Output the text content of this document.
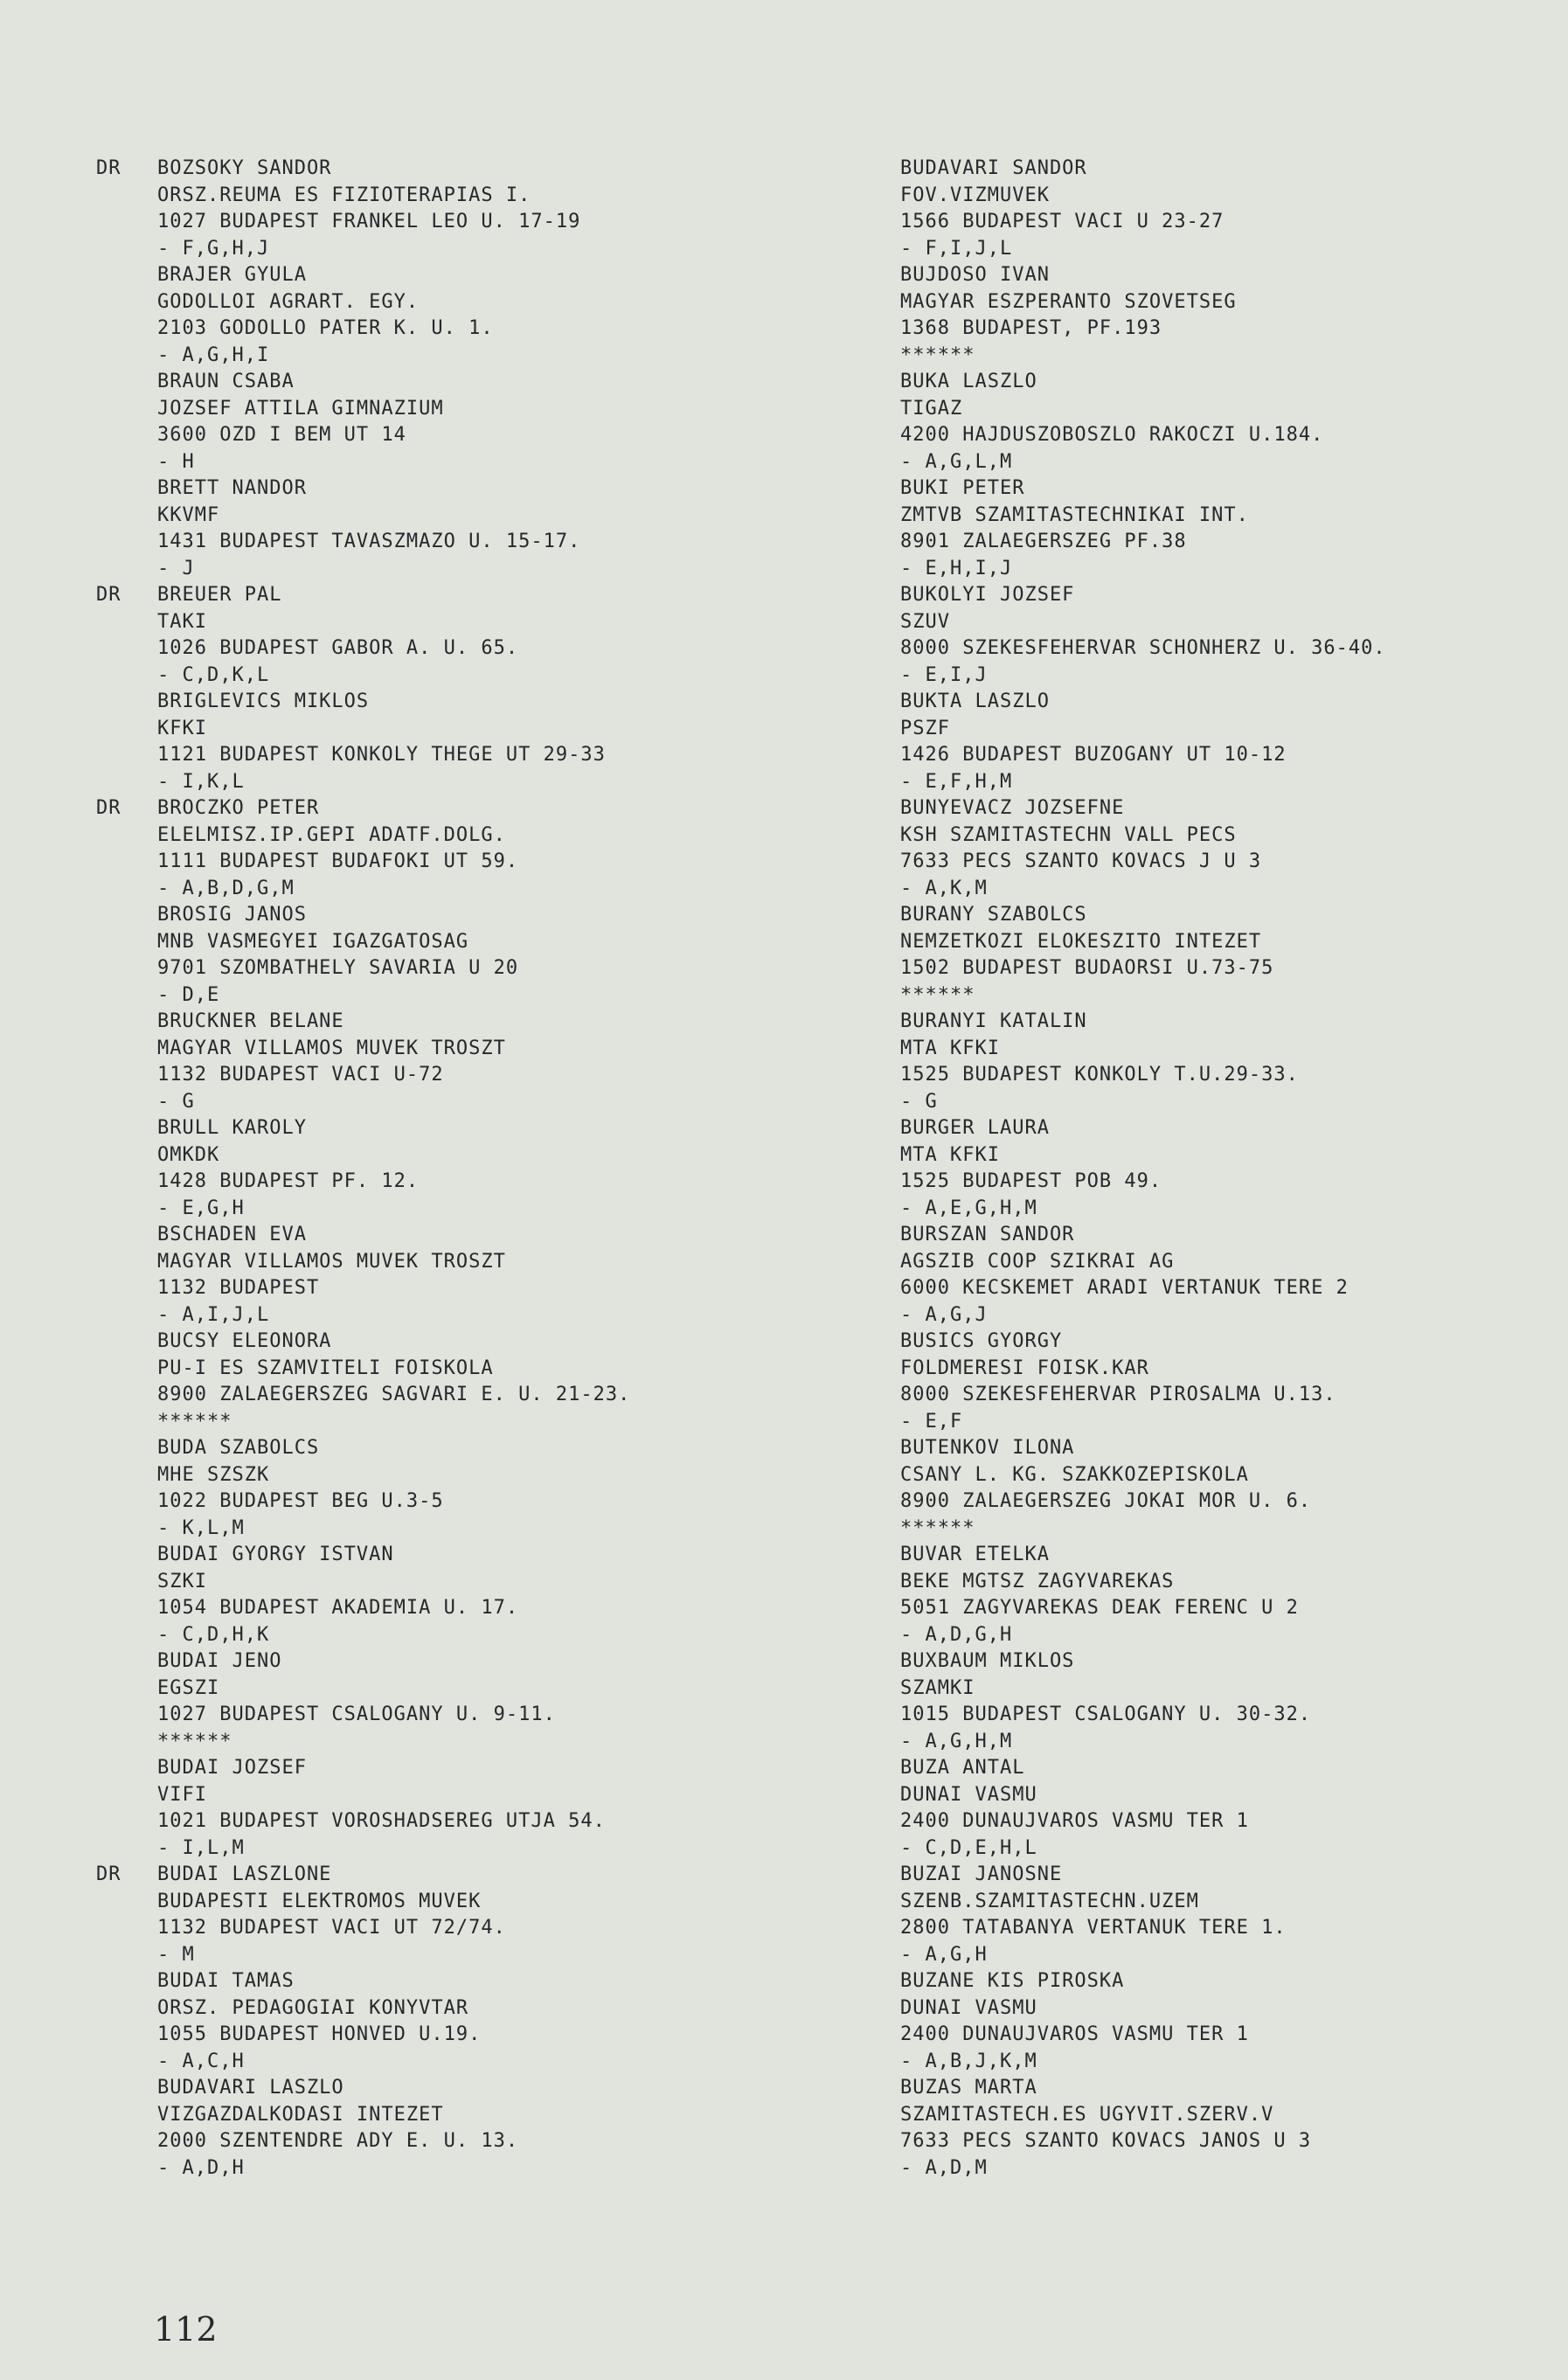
DR BOZSOKY SANDOR
ORSZ.REUMA ES FIZIOTERAPIAS I.
1027 BUDAPEST FRANKEL LEO U. 17-19
- F,G,H,J
BRAJER GYULA
GODOLLOI AGRART. EGY.
2103 GODOLLO PATER K. U. 1.
- A,G,H,I
BRAUN CSABA
JOZSEF ATTILA GIMNAZIUM
3600 OZD I BEM UT 14
- H
BRETT NANDOR
KKVMF
1431 BUDAPEST TAVASZMAZO U. 15-17.
- J
DR BREUER PAL
TAKI
1026 BUDAPEST GABOR A. U. 65.
- C,D,K,L
BRIGLEVICS MIKLOS
KFKI
1121 BUDAPEST KONKOLY THEGE UT 29-33
- I,K,L
DR BROCZKO PETER
ELELMISZ.IP.GEPI ADATF.DOLG.
1111 BUDAPEST BUDAFOKI UT 59.
- A,B,D,G,M
BROSIG JANOS
MNB VASMEGYEI IGAZGATOSAG
9701 SZOMBATHELY SAVARIA U 20
- D,E
BRUCKNER BELANE
MAGYAR VILLAMOS MUVEK TROSZT
1132 BUDAPEST VACI U-72
- G
BRULL KAROLY
OMKDK
1428 BUDAPEST PF. 12.
- E,G,H
BSCHADEN EVA
MAGYAR VILLAMOS MUVEK TROSZT
1132 BUDAPEST
- A,I,J,L
BUCSY ELEONORA
PU-I ES SZAMVITELI FOISKOLA
8900 ZALAEGERSZEG SAGVARI E. U. 21-23.
******
BUDA SZABOLCS
MHE SZSZK
1022 BUDAPEST BEG U.3-5
- K,L,M
BUDAI GYORGY ISTVAN
SZKI
1054 BUDAPEST AKADEMIA U. 17.
- C,D,H,K
BUDAI JENO
EGSZI
1027 BUDAPEST CSALOGANY U. 9-11.
******
BUDAI JOZSEF
VIFI
1021 BUDAPEST VOROSHADSEREG UTJA 54.
- I,L,M
DR BUDAI LASZLONE
BUDAPESTI ELEKTROMOS MUVEK
1132 BUDAPEST VACI UT 72/74.
- M
BUDAI TAMAS
ORSZ. PEDAGOGIAI KONYVTAR
1055 BUDAPEST HONVED U.19.
- A,C,H
BUDAVARI LASZLO
VIZGAZDALKODASI INTEZET
2000 SZENTENDRE ADY E. U. 13.
- A,D,H
BUDAVARI SANDOR
FOV.VIZMUVEK
1566 BUDAPEST VACI U 23-27
- F,I,J,L
BUJDOSO IVAN
MAGYAR ESZPERANTO SZOVETSEG
1368 BUDAPEST, PF.193
******
BUKA LASZLO
TIGAZ
4200 HAJDUSZOBOSZLO RAKOCZI U.184.
- A,G,L,M
BUKI PETER
ZMTVB SZAMITASTECHNIKAI INT.
8901 ZALAEGERSZEG PF.38
- E,H,I,J
BUKOLYI JOZSEF
SZUV
8000 SZEKESFEHERVAR SCHONHERZ U. 36-40.
- E,I,J
BUKTA LASZLO
PSZF
1426 BUDAPEST BUZOGANY UT 10-12
- E,F,H,M
BUNYEVACZ JOZSEFNE
KSH SZAMITASTECHN VALL PECS
7633 PECS SZANTO KOVACS J U 3
- A,K,M
BURANY SZABOLCS
NEMZETKOZI ELOKESZITO INTEZET
1502 BUDAPEST BUDAORSI U.73-75
******
BURANYI KATALIN
MTA KFKI
1525 BUDAPEST KONKOLY T.U.29-33.
- G
BURGER LAURA
MTA KFKI
1525 BUDAPEST POB 49.
- A,E,G,H,M
BURSZAN SANDOR
AGSZIB COOP SZIKRAI AG
6000 KECSKEMET ARADI VERTANUK TERE 2
- A,G,J
BUSICS GYORGY
FOLDMERESI FOISK.KAR
8000 SZEKESFEHERVAR PIROSALMA U.13.
- E,F
BUTENKOV ILONA
CSANY L. KG. SZAKKOZEPISKOLA
8900 ZALAEGERSZEG JOKAI MOR U. 6.
******
BUVAR ETELKA
BEKE MGTSZ ZAGYVAREKAS
5051 ZAGYVAREKAS DEAK FERENC U 2
- A,D,G,H
BUXBAUM MIKLOS
SZAMKI
1015 BUDAPEST CSALOGANY U. 30-32.
- A,G,H,M
BUZA ANTAL
DUNAI VASMU
2400 DUNAUJVAROS VASMU TER 1
- C,D,E,H,L
BUZAI JANOSNE
SZENB.SZAMITASTECHN.UZEM
2800 TATABANYA VERTANUK TERE 1.
- A,G,H
BUZANE KIS PIROSKA
DUNAI VASMU
2400 DUNAUJVAROS VASMU TER 1
- A,B,J,K,M
BUZAS MARTA
SZAMITASTECH.ES UGYVIT.SZERV.V
7633 PECS SZANTO KOVACS JANOS U 3
- A,D,M
112
